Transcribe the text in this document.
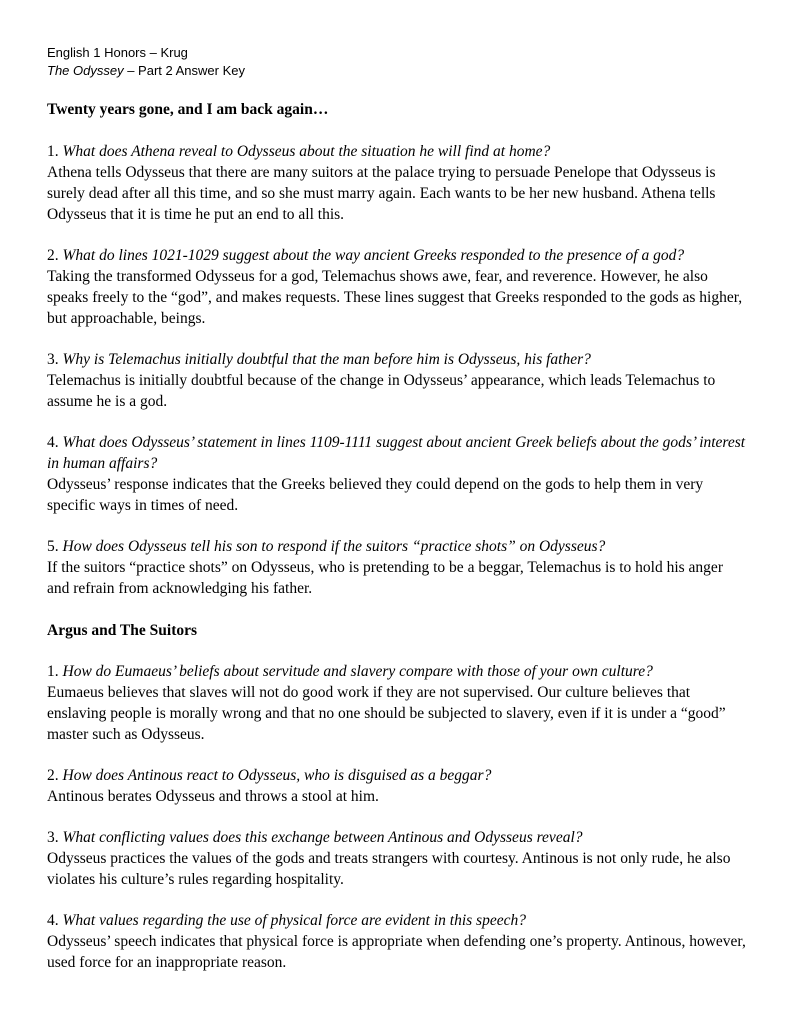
English 1 Honors – Krug

The Odyssey – Part 2 Answer Key

Twenty years gone, and I am back again…

1. What does Athena reveal to Odysseus about the situation he will find at home?

Athena tells Odysseus that there are many suitors at the palace trying to persuade Penelope that Odysseus is surely dead after all this time, and so she must marry again. Each wants to be her new husband. Athena tells Odysseus that it is time he put an end to all this.

2. What do lines 1021-1029 suggest about the way ancient Greeks responded to the presence of a god?

Taking the transformed Odysseus for a god, Telemachus shows awe, fear, and reverence. However, he also speaks freely to the “god”, and makes requests. These lines suggest that Greeks responded to the gods as higher, but approachable, beings.

3. Why is Telemachus initially doubtful that the man before him is Odysseus, his father?

Telemachus is initially doubtful because of the change in Odysseus’ appearance, which leads Telemachus to assume he is a god.

4. What does Odysseus’ statement in lines 1109-1111 suggest about ancient Greek beliefs about the gods’ interest in human affairs?

Odysseus’ response indicates that the Greeks believed they could depend on the gods to help them in very specific ways in times of need.

5. How does Odysseus tell his son to respond if the suitors “practice shots” on Odysseus?

If the suitors “practice shots” on Odysseus, who is pretending to be a beggar, Telemachus is to hold his anger and refrain from acknowledging his father.

Argus and The Suitors

1. How do Eumaeus’ beliefs about servitude and slavery compare with those of your own culture?

Eumaeus believes that slaves will not do good work if they are not supervised. Our culture believes that enslaving people is morally wrong and that no one should be subjected to slavery, even if it is under a “good” master such as Odysseus.

2. How does Antinous react to Odysseus, who is disguised as a beggar?

Antinous berates Odysseus and throws a stool at him.

3. What conflicting values does this exchange between Antinous and Odysseus reveal?

Odysseus practices the values of the gods and treats strangers with courtesy. Antinous is not only rude, he also violates his culture’s rules regarding hospitality.

4. What values regarding the use of physical force are evident in this speech?

Odysseus’ speech indicates that physical force is appropriate when defending one’s property. Antinous, however, used force for an inappropriate reason.
